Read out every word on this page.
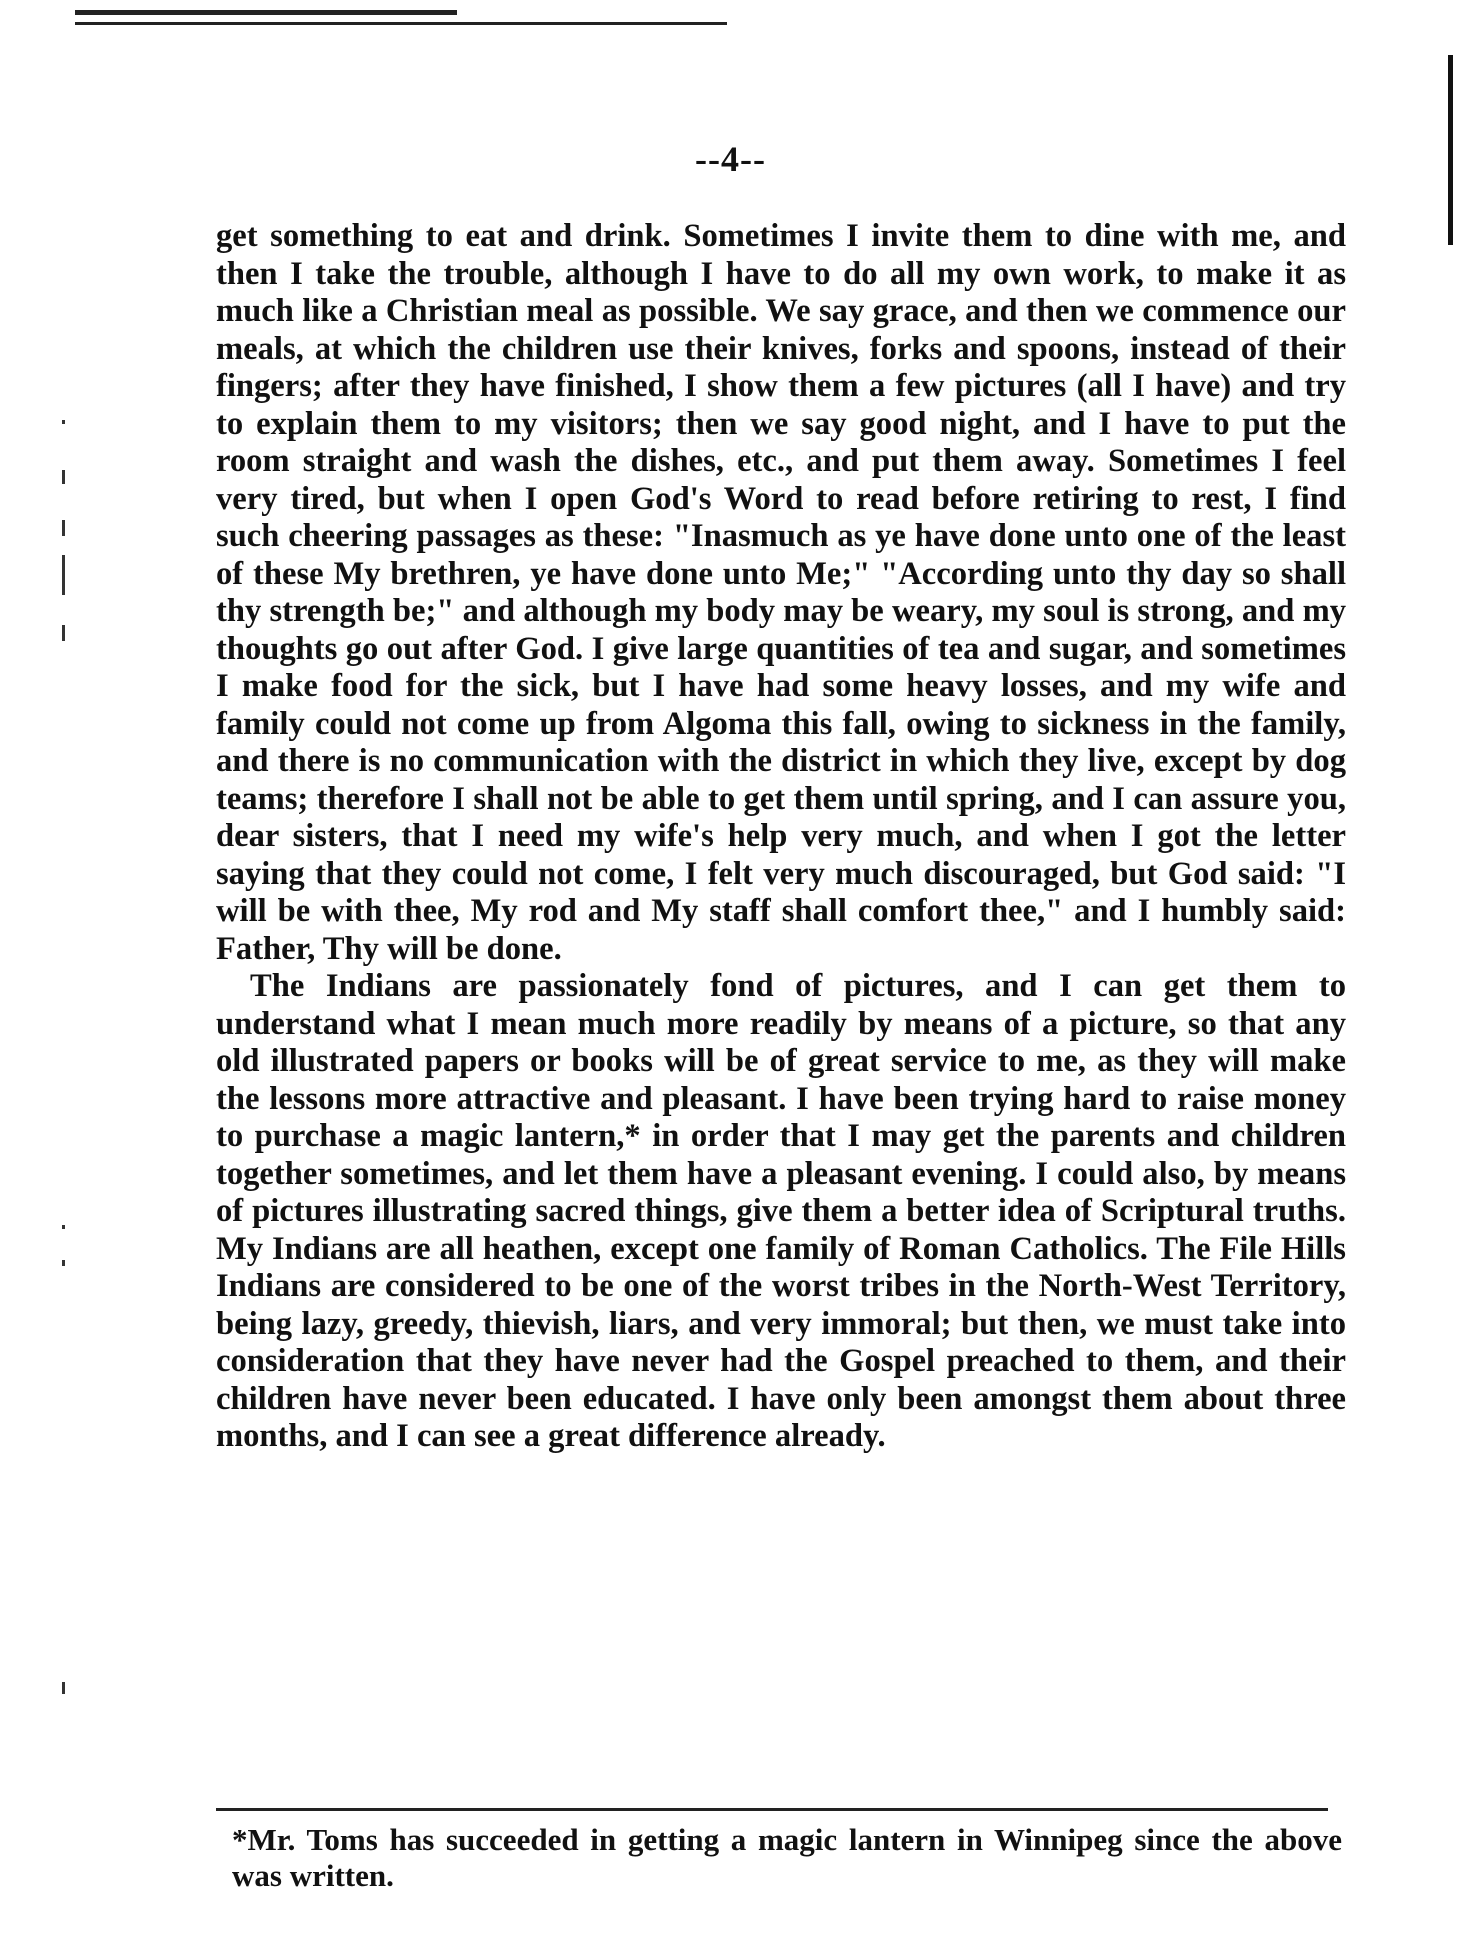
--4--

get something to eat and drink. Sometimes I invite them to dine with me, and then I take the trouble, although I have to do all my own work, to make it as much like a Christian meal as possible. We say grace, and then we commence our meals, at which the children use their knives, forks and spoons, instead of their fingers; after they have finished, I show them a few pictures (all I have) and try to explain them to my visitors; then we say good night, and I have to put the room straight and wash the dishes, etc., and put them away. Sometimes I feel very tired, but when I open God's Word to read before retiring to rest, I find such cheering passages as these: "Inasmuch as ye have done unto one of the least of these My brethren, ye have done unto Me;" "According unto thy day so shall thy strength be;" and although my body may be weary, my soul is strong, and my thoughts go out after God. I give large quantities of tea and sugar, and sometimes I make food for the sick, but I have had some heavy losses, and my wife and family could not come up from Algoma this fall, owing to sickness in the family, and there is no communication with the district in which they live, except by dog teams; therefore I shall not be able to get them until spring, and I can assure you, dear sisters, that I need my wife's help very much, and when I got the letter saying that they could not come, I felt very much discouraged, but God said: "I will be with thee, My rod and My staff shall comfort thee," and I humbly said: Father, Thy will be done.

The Indians are passionately fond of pictures, and I can get them to understand what I mean much more readily by means of a picture, so that any old illustrated papers or books will be of great service to me, as they will make the lessons more attractive and pleasant. I have been trying hard to raise money to purchase a magic lantern,* in order that I may get the parents and children together sometimes, and let them have a pleasant evening. I could also, by means of pictures illustrating sacred things, give them a better idea of Scriptural truths. My Indians are all heathen, except one family of Roman Catholics. The File Hills Indians are considered to be one of the worst tribes in the North-West Territory, being lazy, greedy, thievish, liars, and very immoral; but then, we must take into consideration that they have never had the Gospel preached to them, and their children have never been educated. I have only been amongst them about three months, and I can see a great difference already.

*Mr. Toms has succeeded in getting a magic lantern in Winnipeg since the above was written.
